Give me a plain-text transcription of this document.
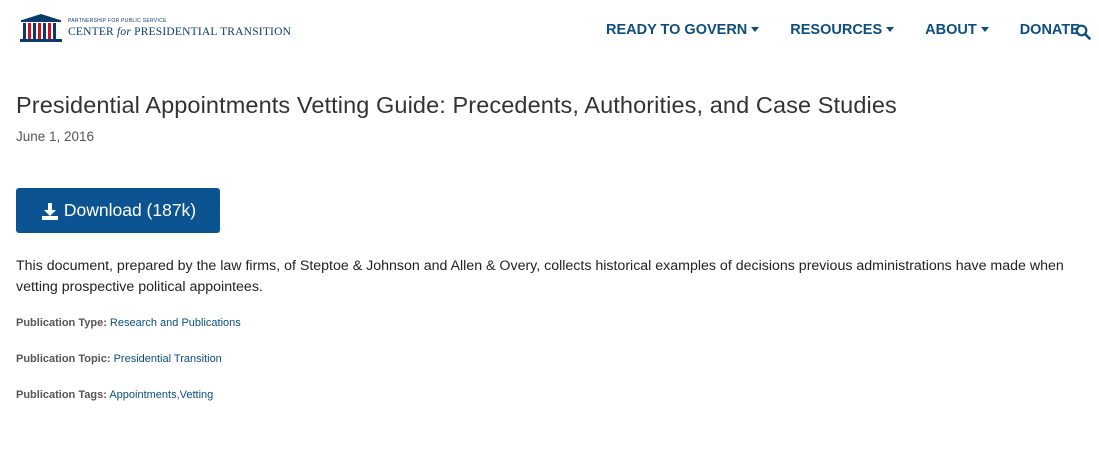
PARTNERSHIP FOR PUBLIC SERVICE
CENTER for PRESIDENTIAL TRANSITION	READY TO GOVERN	RESOURCES	ABOUT	DONATE
Presidential Appointments Vetting Guide: Precedents, Authorities, and Case Studies
June 1, 2016
Download (187k)

This document, prepared by the law firms, of Steptoe & Johnson and Allen & Overy, collects historical examples of decisions previous administrations have made when vetting prospective political appointees.

Publication Type: Research and Publications
Publication Topic: Presidential Transition
Publication Tags: Appointments,Vetting
